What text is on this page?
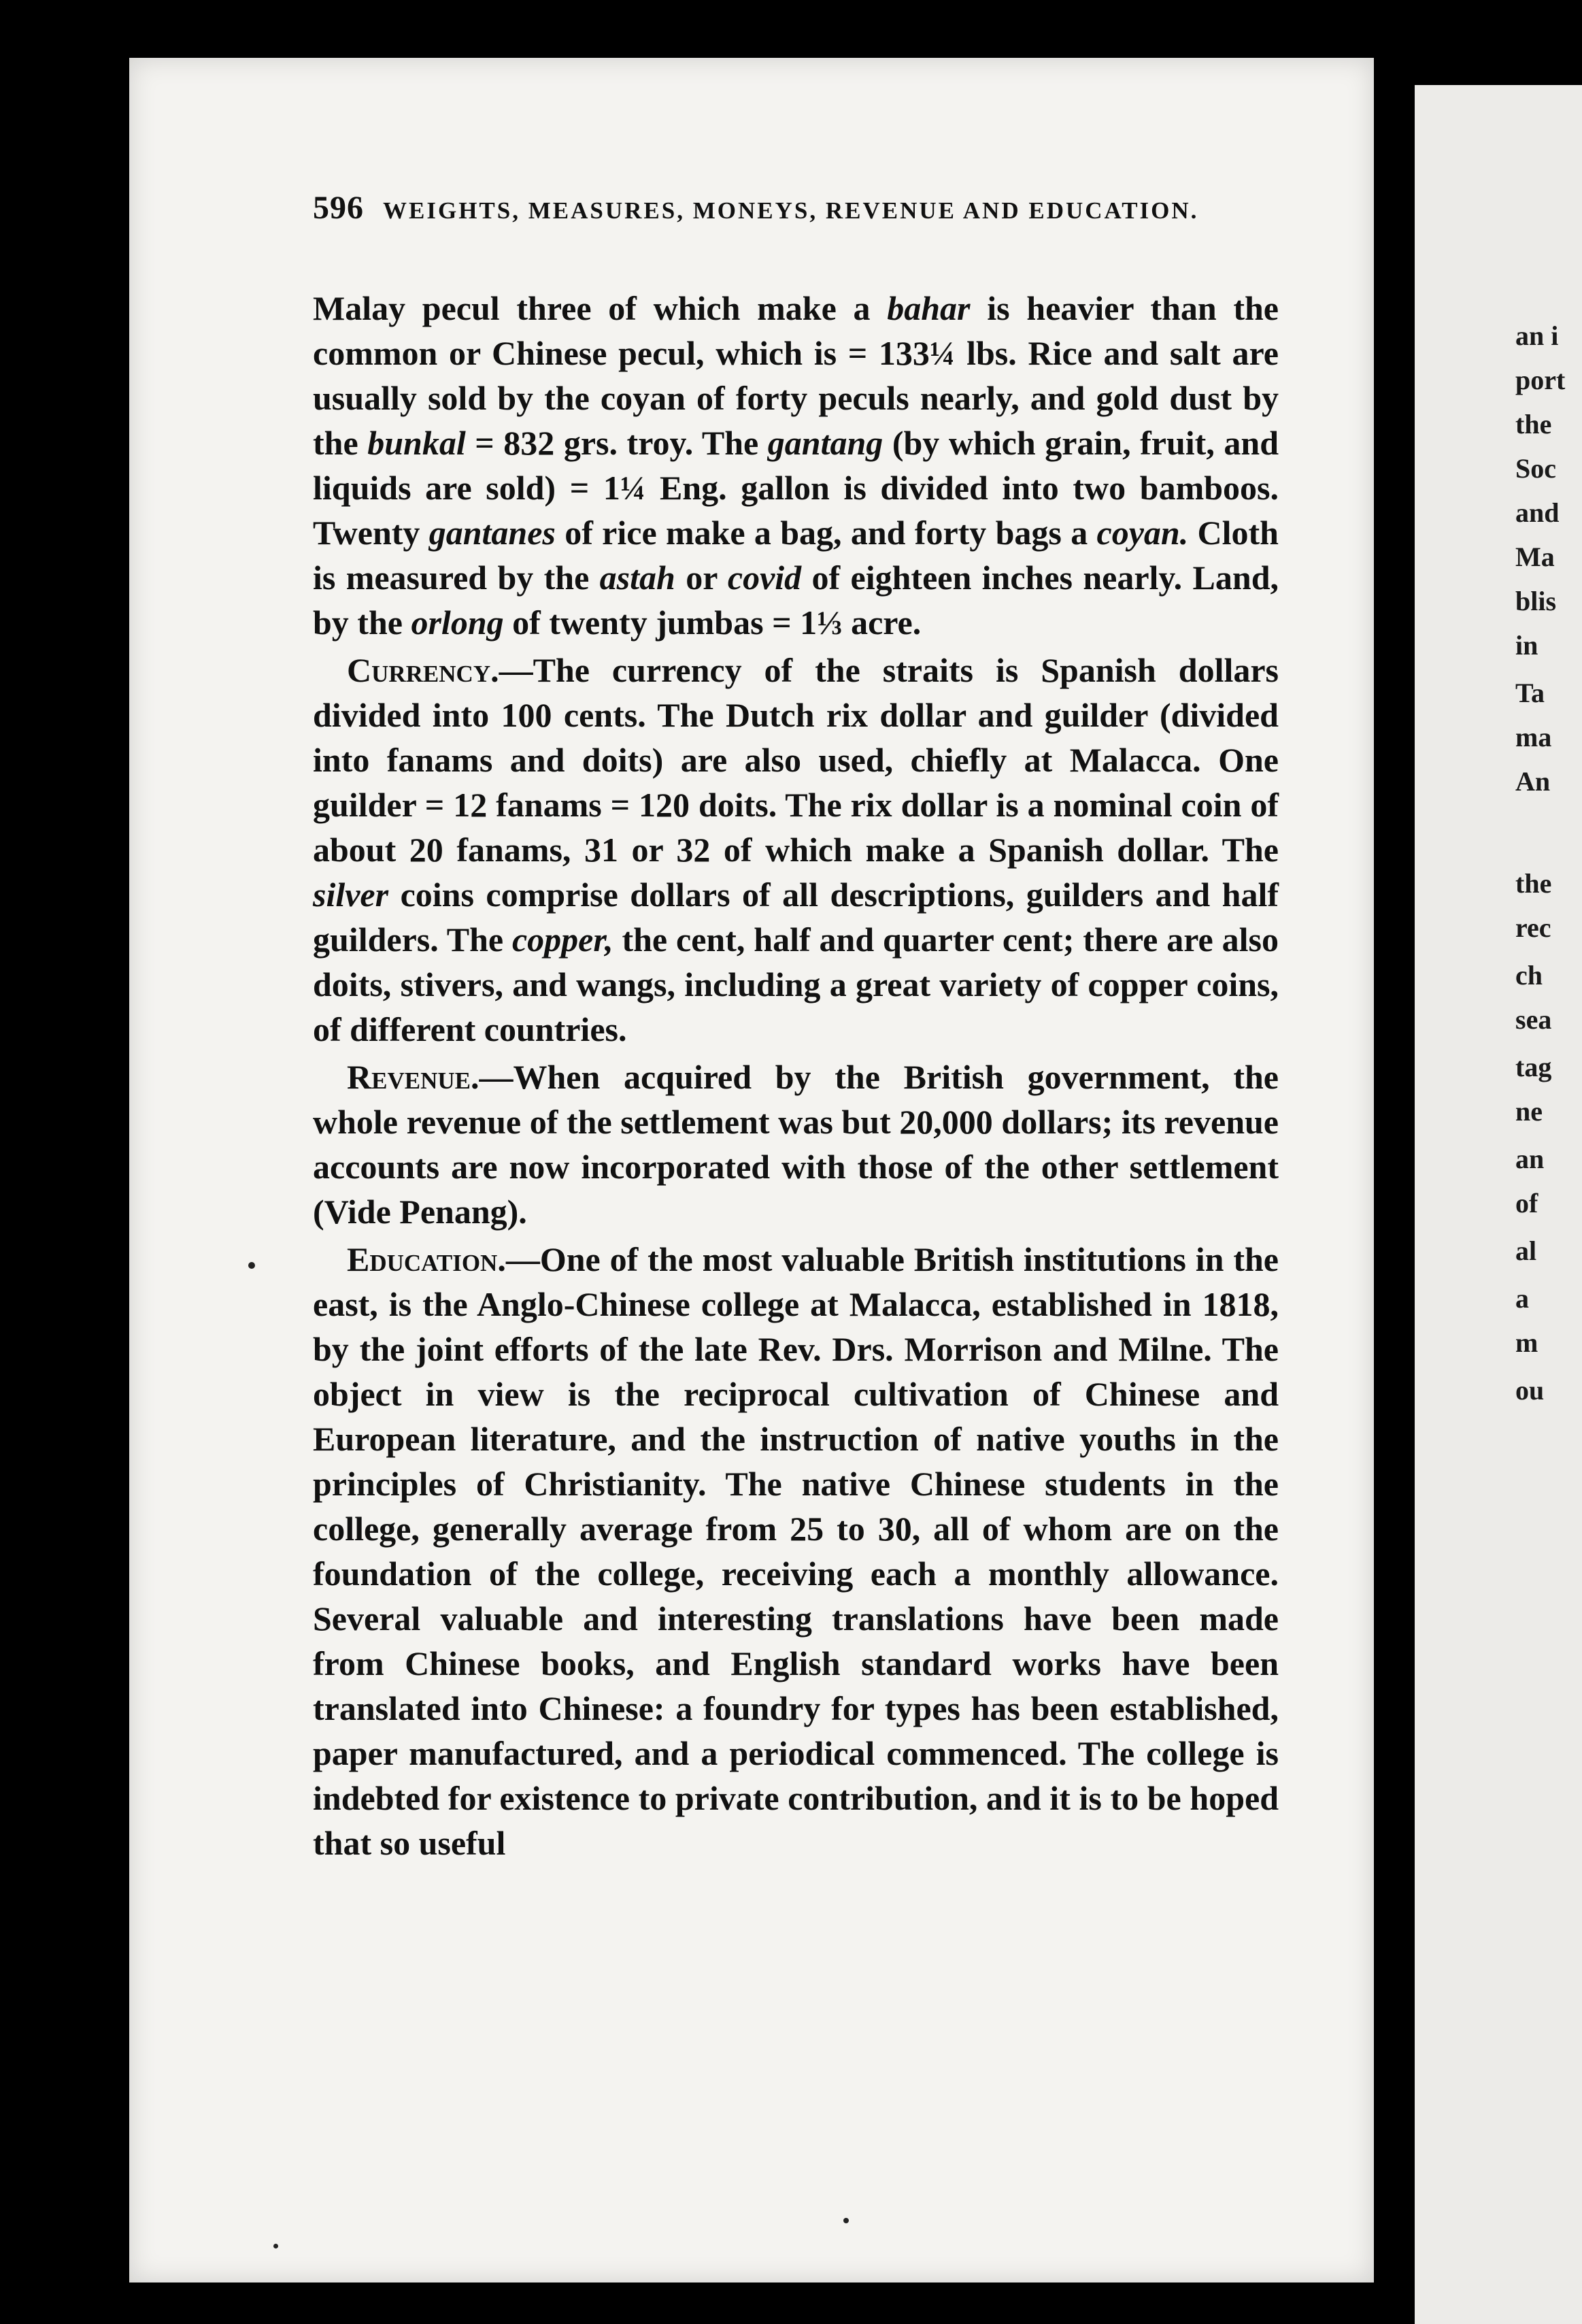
an i
port
the
Soc
and
Ma
blis
in
Ta
ma
An
the
rec
ch
sea
tag
ne
an
of
al
a
m
ou
596 WEIGHTS, MEASURES, MONEYS, REVENUE AND EDUCATION.

Malay pecul three of which make a bahar is heavier than the common or Chinese pecul, which is = 133¼ lbs. Rice and salt are usually sold by the coyan of forty peculs nearly, and gold dust by the bunkal = 832 grs. troy. The gantang (by which grain, fruit, and liquids are sold) = 1¼ Eng. gallon is divided into two bamboos. Twenty gantanes of rice make a bag, and forty bags a coyan. Cloth is measured by the astah or covid of eighteen inches nearly. Land, by the orlong of twenty jumbas = 1⅓ acre.

Currency.—The currency of the straits is Spanish dollars divided into 100 cents. The Dutch rix dollar and guilder (divided into fanams and doits) are also used, chiefly at Malacca. One guilder = 12 fanams = 120 doits. The rix dollar is a nominal coin of about 20 fanams, 31 or 32 of which make a Spanish dollar. The silver coins comprise dollars of all descriptions, guilders and half guilders. The copper, the cent, half and quarter cent; there are also doits, stivers, and wangs, including a great variety of copper coins, of different countries.

Revenue.—When acquired by the British government, the whole revenue of the settlement was but 20,000 dollars; its revenue accounts are now incorporated with those of the other settlement (Vide Penang).

Education.—One of the most valuable British institutions in the east, is the Anglo-Chinese college at Malacca, established in 1818, by the joint efforts of the late Rev. Drs. Morrison and Milne. The object in view is the reciprocal cultivation of Chinese and European literature, and the instruction of native youths in the principles of Christianity. The native Chinese students in the college, generally average from 25 to 30, all of whom are on the foundation of the college, receiving each a monthly allowance. Several valuable and interesting translations have been made from Chinese books, and English standard works have been translated into Chinese: a foundry for types has been established, paper manufactured, and a periodical commenced. The college is indebted for existence to private contribution, and it is to be hoped that so useful
